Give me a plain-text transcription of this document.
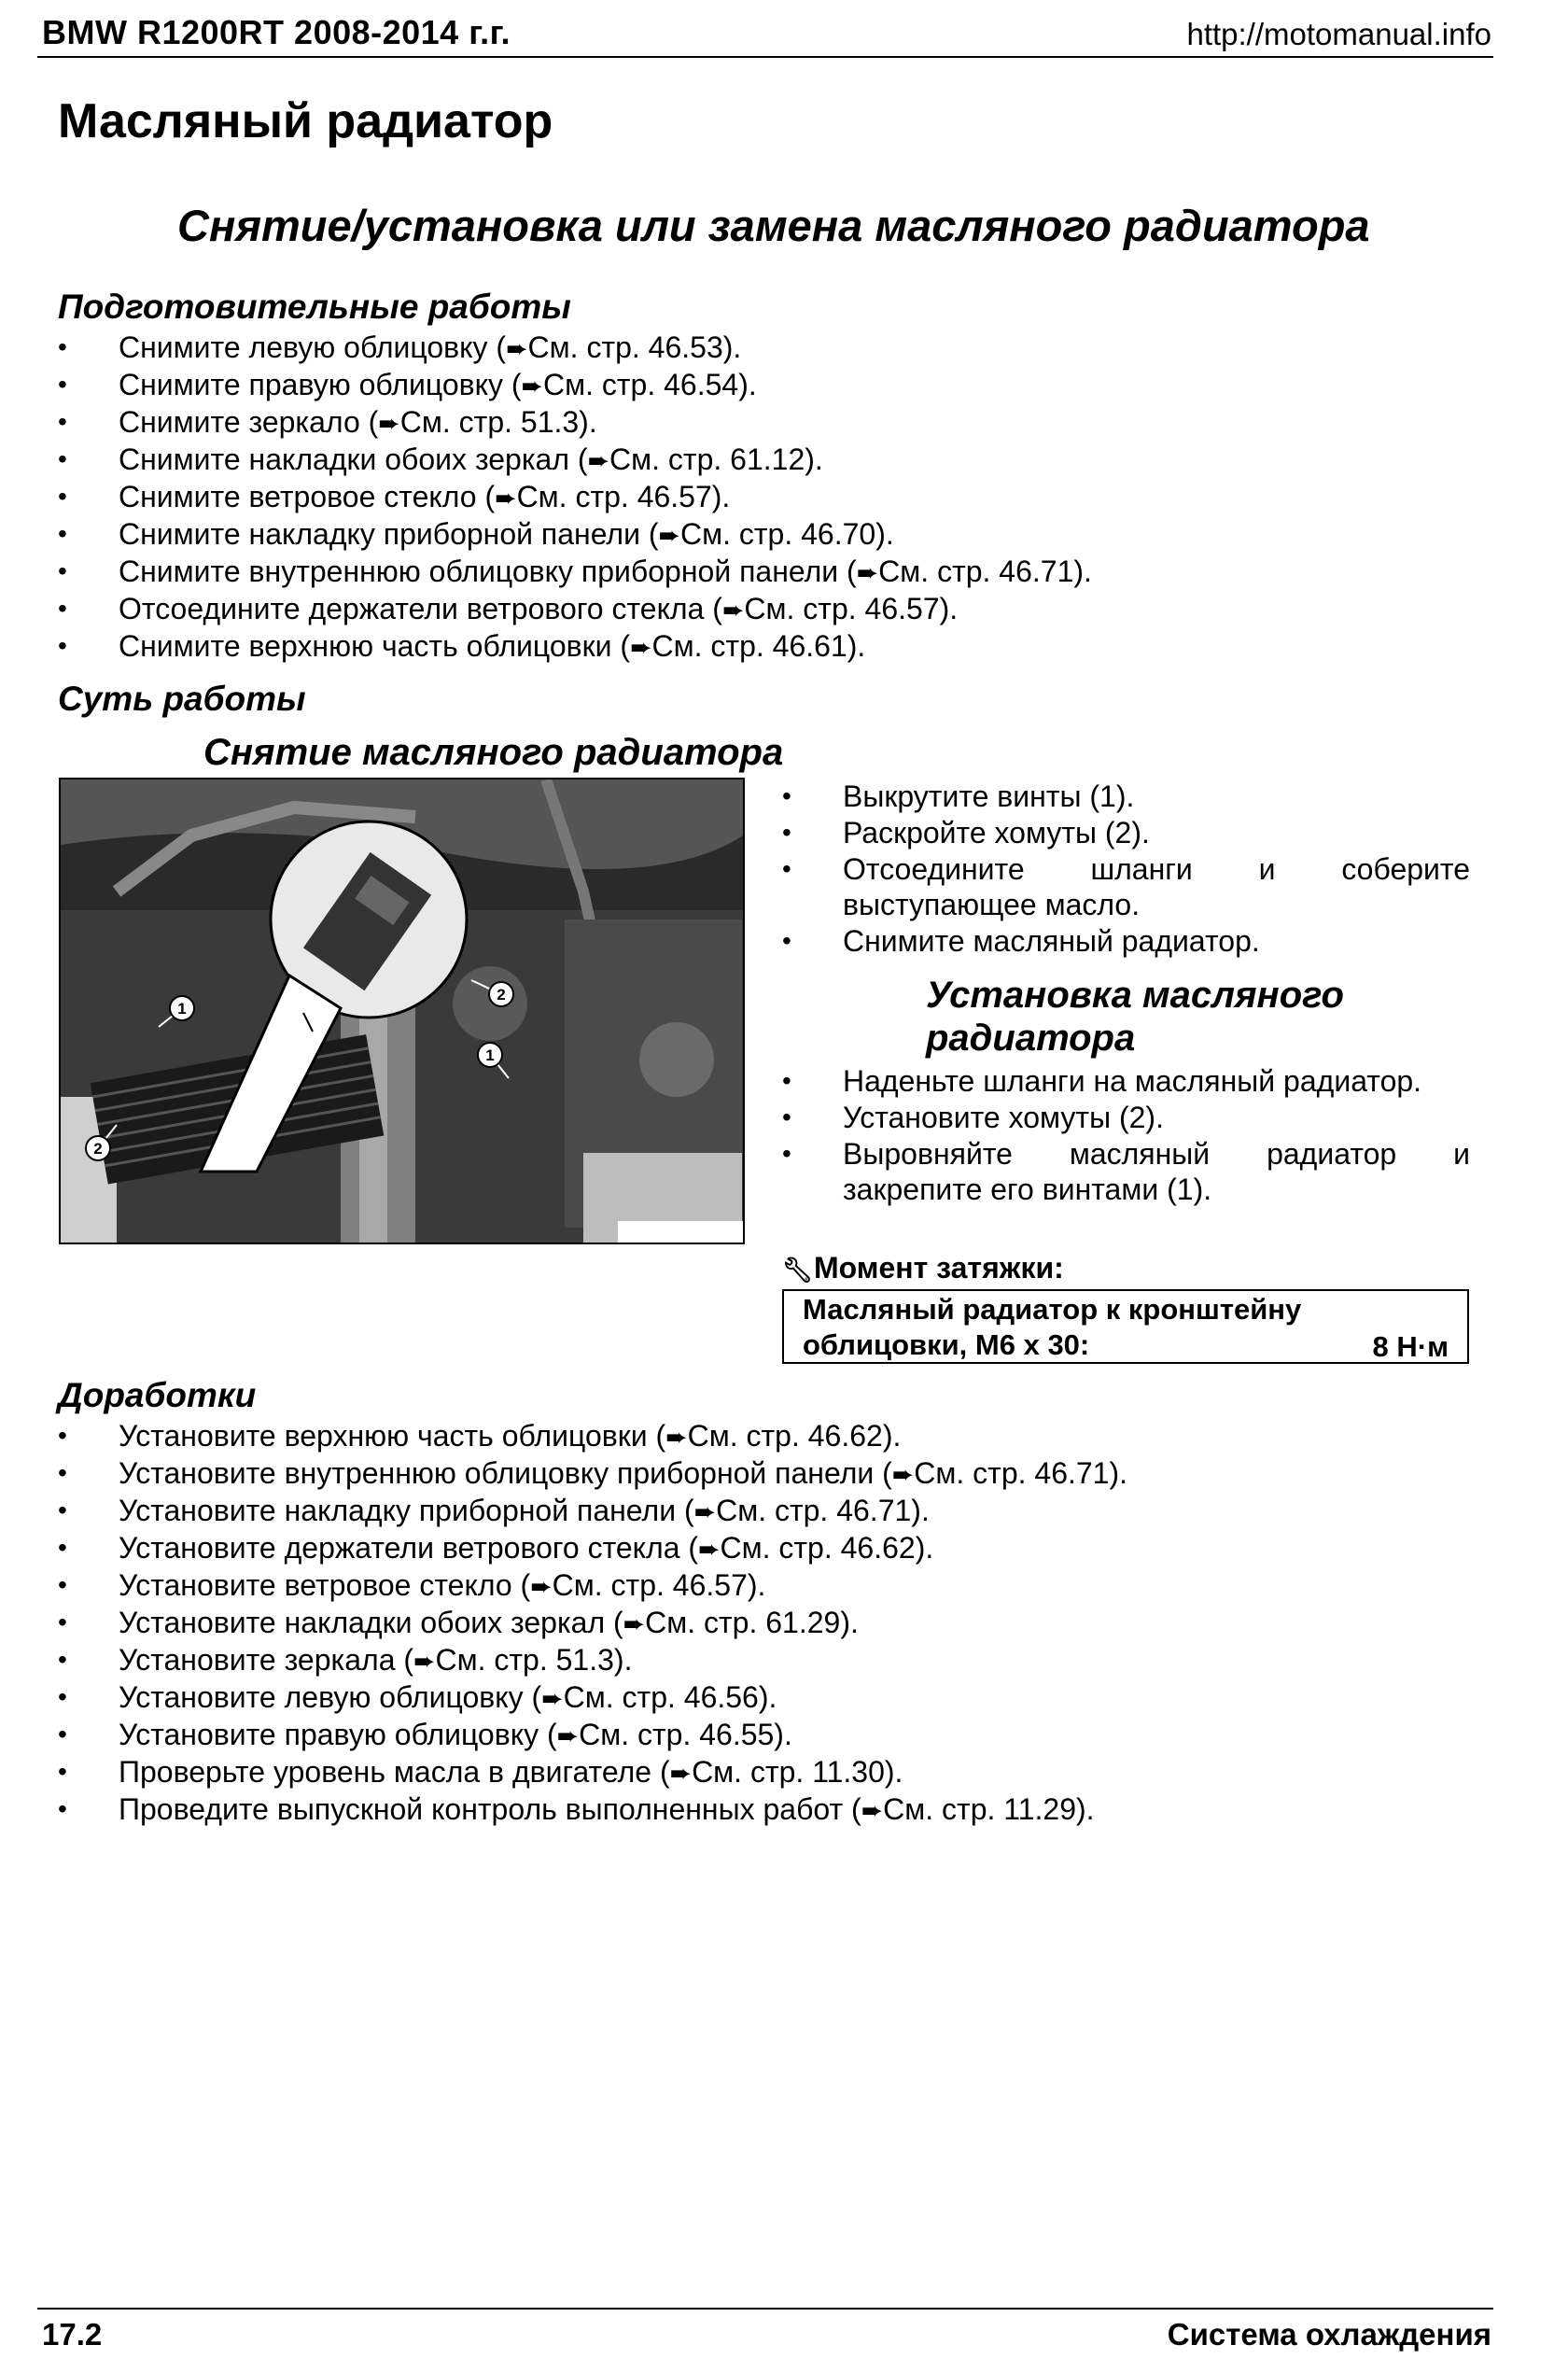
BMW R1200RT 2008-2014 г.г.	http://motomanual.info
Масляный радиатор
Снятие/установка или замена масляного радиатора
Подготовительные работы
• Снимите левую облицовку (➨См. стр. 46.53).
• Снимите правую облицовку (➨См. стр. 46.54).
• Снимите зеркало (➨См. стр. 51.3).
• Снимите накладки обоих зеркал (➨См. стр. 61.12).
• Снимите ветровое стекло (➨См. стр. 46.57).
• Снимите накладку приборной панели (➨См. стр. 46.70).
• Снимите внутреннюю облицовку приборной панели (➨См. стр. 46.71).
• Отсоедините держатели ветрового стекла (➨См. стр. 46.57).
• Снимите верхнюю часть облицовки (➨См. стр. 46.61).
Суть работы
Снятие масляного радиатора
1
2
2
1
• Выкрутите винты (1).
• Раскройте хомуты (2).
• Отсоедините шланги и соберите выступающее масло.
• Снимите масляный радиатор.
Установка масляного радиатора
• Наденьте шланги на масляный радиатор.
• Установите хомуты (2).
• Выровняйте масляный радиатор и закрепите его винтами (1).
🔧︎Момент затяжки:
Масляный радиатор к кронштейну
облицовки, M6 x 30:	8 Н·м
Доработки
• Установите верхнюю часть облицовки (➨См. стр. 46.62).
• Установите внутреннюю облицовку приборной панели (➨См. стр. 46.71).
• Установите накладку приборной панели (➨См. стр. 46.71).
• Установите держатели ветрового стекла (➨См. стр. 46.62).
• Установите ветровое стекло (➨См. стр. 46.57).
• Установите накладки обоих зеркал (➨См. стр. 61.29).
• Установите зеркала (➨См. стр. 51.3).
• Установите левую облицовку (➨См. стр. 46.56).
• Установите правую облицовку (➨См. стр. 46.55).
• Проверьте уровень масла в двигателе (➨См. стр. 11.30).
• Проведите выпускной контроль выполненных работ (➨См. стр. 11.29).
17.2	Система охлаждения
